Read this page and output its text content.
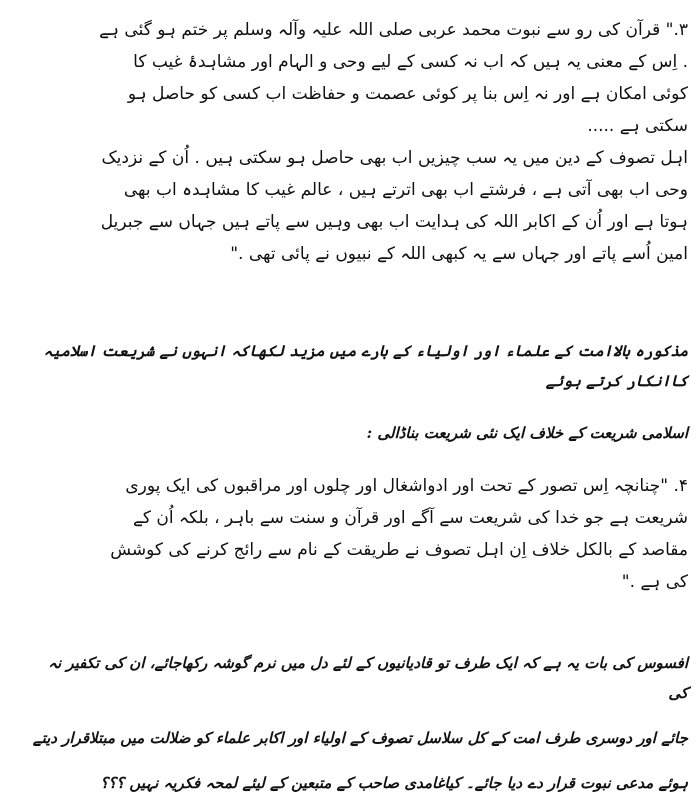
۳." قرآن کی رو سے نبوت محمد عربی صلی اللہ علیہ وآلہ وسلم پر ختم ہو گئی ہے
. اِس کے معنی یہ ہیں کہ اب نہ کسی کے لیے وحی و الہام اور مشاہدۂ غیب کا
کوئی امکان ہے اور نہ اِس بنا پر کوئی عصمت و حفاظت اب کسی کو حاصل ہو
سکتی ہے .....
اہل تصوف کے دین میں یہ سب چیزیں اب بھی حاصل ہو سکتی ہیں . اُن کے نزدیک
وحی اب بھی آتی ہے ، فرشتے اب بھی اترتے ہیں ، عالم غیب کا مشاہدہ اب بھی
ہوتا ہے اور اُن کے اکابر اللہ کی ہدایت اب بھی وہیں سے پاتے ہیں جہاں سے جبریل
امین اُسے پاتے اور جہاں سے یہ کبھی اللہ کے نبیوں نے پائی تھی ."
مذکورہ بالاامت کے علماء اور اولیاء کے بارے میں مزید لکھاکہ انہوں نے شریعت اسلامیہ کاانکار کرتے ہوئے
اسلامی شریعت کے خلاف ایک نئی شریعت بناڈالی :
۴. "چنانچہ اِس تصور کے تحت اور ادواشغال اور چلوں اور مراقبوں کی ایک پوری
شریعت ہے جو خدا کی شریعت سے آگے اور قرآن و سنت سے باہر ، بلکہ اُن کے
مقاصد کے بالکل خلاف اِن اہل تصوف نے طریقت کے نام سے رائج کرنے کی کوشش
کی ہے ."
افسوس کی بات یہ ہے کہ ایک طرف تو قادیانیوں کے لئے دل میں نرم گوشہ رکھاجائے، ان کی تکفیر نہ کی
جائے اور دوسری طرف امت کے کل سلاسل تصوف کے اولیاء اور اکابر علماء کو ضلالت میں مبتلاقرار دیتے
ہوئے مدعی نبوت قرار دے دیا جائے۔ کیاغامدی صاحب کے متبعین کے لیئے لمحہ فکریہ نہیں ؟؟؟
